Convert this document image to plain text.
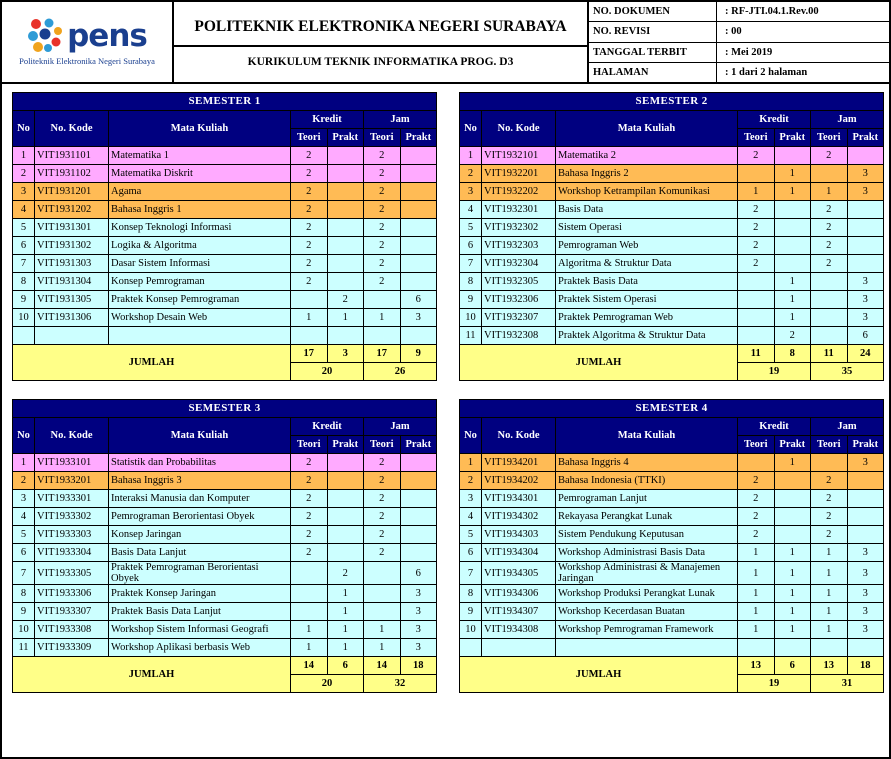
pens
Politeknik Elektronika Negeri Surabaya
POLITEKNIK ELEKTRONIKA NEGERI SURABAYA
KURIKULUM TEKNIK INFORMATIKA PROG. D3
NO. DOKUMEN	: RF-JTI.04.1.Rev.00
NO. REVISI	: 00
TANGGAL TERBIT	: Mei 2019
HALAMAN	: 1 dari 2 halaman
SEMESTER 1						
No	No. Kode	Mata Kuliah	Kredit		Jam	
			Teori	Prakt	Teori	Prakt
1	VIT1931101	Matematika 1	2		2	
2	VIT1931102	Matematika Diskrit	2		2	
3	VIT1931201	Agama	2		2	
4	VIT1931202	Bahasa Inggris 1	2		2	
5	VIT1931301	Konsep Teknologi Informasi	2		2	
6	VIT1931302	Logika & Algoritma	2		2	
7	VIT1931303	Dasar Sistem Informasi	2		2	
8	VIT1931304	Konsep Pemrograman	2		2	
9	VIT1931305	Praktek Konsep Pemrograman		2		6
10	VIT1931306	Workshop Desain Web	1	1	1	3

JUMLAH			17	3	17	9
			20		26	
SEMESTER 2						
No	No. Kode	Mata Kuliah	Kredit		Jam	
			Teori	Prakt	Teori	Prakt
1	VIT1932101	Matematika 2	2		2	
2	VIT1932201	Bahasa Inggris 2		1		3
3	VIT1932202	Workshop Ketrampilan Komunikasi	1	1	1	3
4	VIT1932301	Basis Data	2		2	
5	VIT1932302	Sistem Operasi	2		2	
6	VIT1932303	Pemrograman Web	2		2	
7	VIT1932304	Algoritma & Struktur Data	2		2	
8	VIT1932305	Praktek Basis Data		1		3
9	VIT1932306	Praktek Sistem Operasi		1		3
10	VIT1932307	Praktek Pemrograman Web		1		3
11	VIT1932308	Praktek Algoritma & Struktur Data		2		6
JUMLAH			11	8	11	24
			19		35	
SEMESTER 3						
No	No. Kode	Mata Kuliah	Kredit		Jam	
			Teori	Prakt	Teori	Prakt
1	VIT1933101	Statistik dan Probabilitas	2		2	
2	VIT1933201	Bahasa Inggris 3	2		2	
3	VIT1933301	Interaksi Manusia dan Komputer	2		2	
4	VIT1933302	Pemrograman Berorientasi Obyek	2		2	
5	VIT1933303	Konsep Jaringan	2		2	
6	VIT1933304	Basis Data Lanjut	2		2	
7	VIT1933305	Praktek Pemrograman Berorientasi Obyek		2		6
8	VIT1933306	Praktek Konsep Jaringan		1		3
9	VIT1933307	Praktek Basis Data Lanjut		1		3
10	VIT1933308	Workshop Sistem Informasi Geografi	1	1	1	3
11	VIT1933309	Workshop Aplikasi berbasis Web	1	1	1	3
JUMLAH			14	6	14	18
			20		32	
SEMESTER 4						
No	No. Kode	Mata Kuliah	Kredit		Jam	
			Teori	Prakt	Teori	Prakt
1	VIT1934201	Bahasa Inggris 4		1		3
2	VIT1934202	Bahasa Indonesia (TTKI)	2		2	
3	VIT1934301	Pemrograman Lanjut	2		2	
4	VIT1934302	Rekayasa Perangkat Lunak	2		2	
5	VIT1934303	Sistem Pendukung Keputusan	2		2	
6	VIT1934304	Workshop Administrasi Basis Data	1	1	1	3
7	VIT1934305	Workshop Administrasi & Manajemen Jaringan	1	1	1	3
8	VIT1934306	Workshop Produksi Perangkat Lunak	1	1	1	3
9	VIT1934307	Workshop Kecerdasan Buatan	1	1	1	3
10	VIT1934308	Workshop Pemrograman Framework	1	1	1	3

JUMLAH			13	6	13	18
			19		31	
